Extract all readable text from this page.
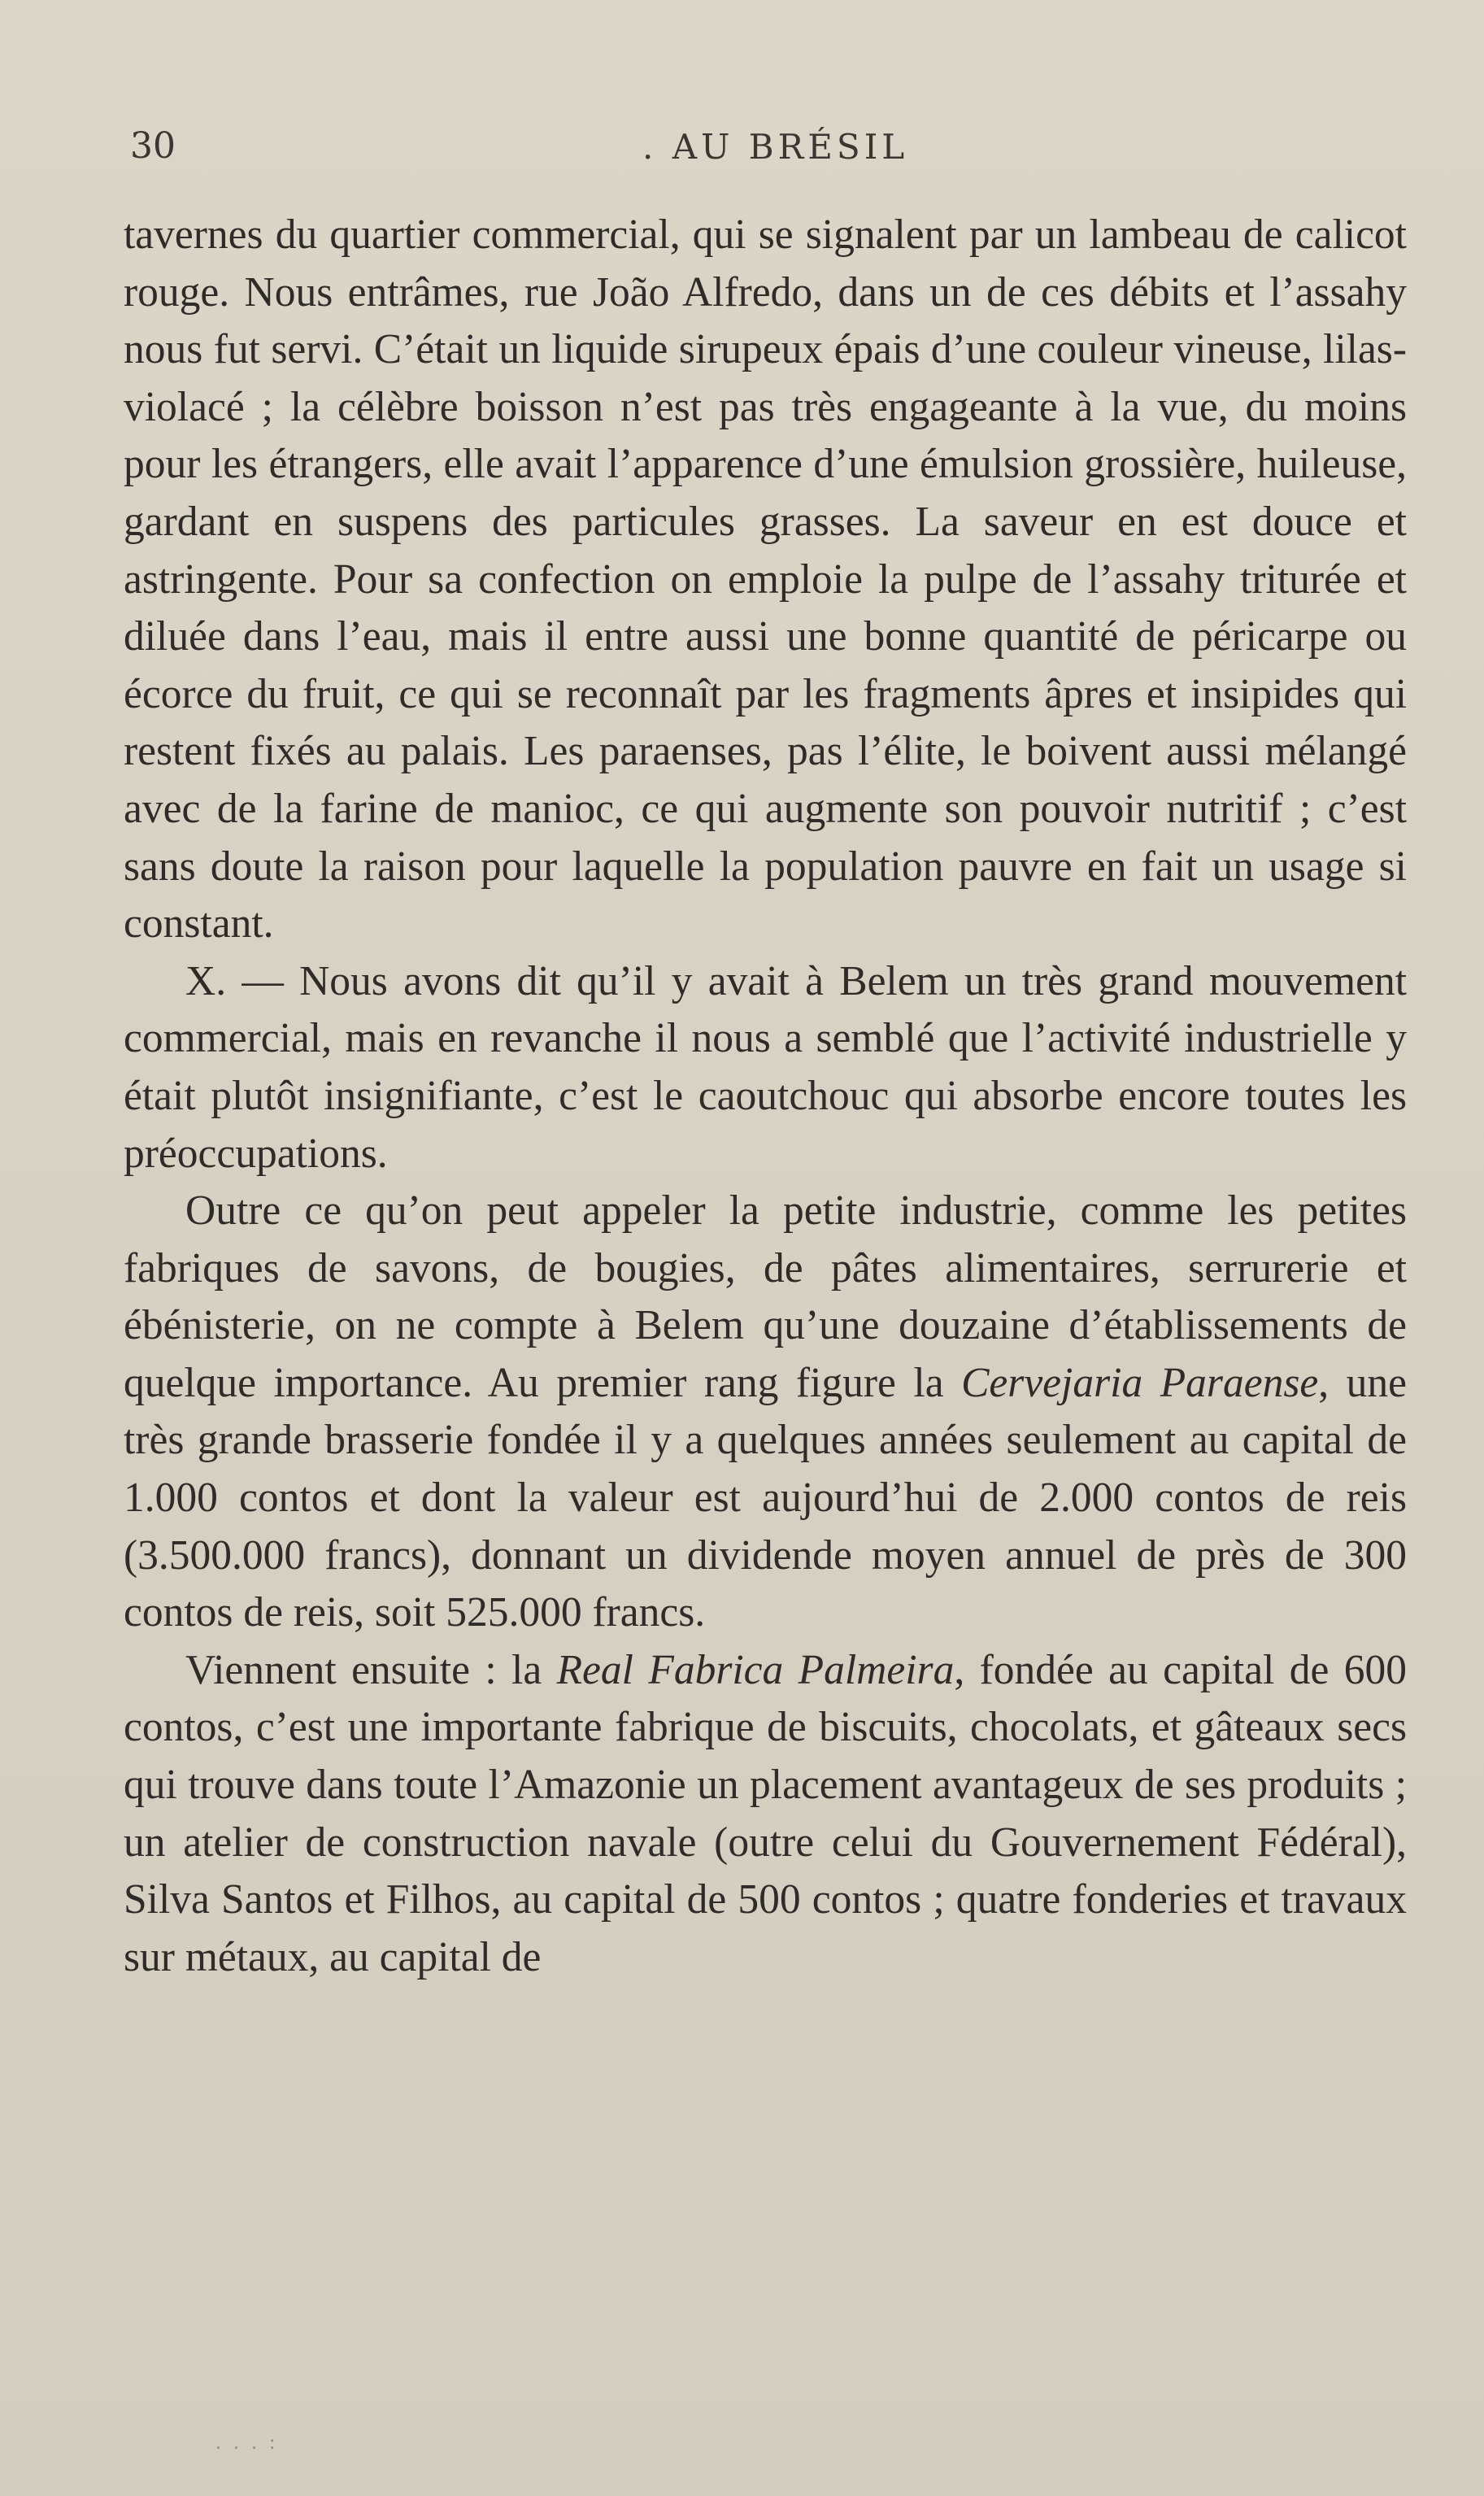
30	. AU BRÉSIL

tavernes du quartier commercial, qui se signalent par un lambeau de calicot rouge. Nous entrâmes, rue João Alfredo, dans un de ces débits et l’assahy nous fut servi. C’était un liquide sirupeux épais d’une couleur vineuse, lilas-violacé ; la célèbre boisson n’est pas très engageante à la vue, du moins pour les étrangers, elle avait l’apparence d’une émulsion grossière, huileuse, gardant en suspens des particules grasses. La saveur en est douce et astringente. Pour sa confection on emploie la pulpe de l’assahy triturée et diluée dans l’eau, mais il entre aussi une bonne quantité de péricarpe ou écorce du fruit, ce qui se reconnaît par les fragments âpres et insipides qui restent fixés au palais. Les paraenses, pas l’élite, le boivent aussi mélangé avec de la farine de manioc, ce qui augmente son pouvoir nutritif ; c’est sans doute la raison pour laquelle la population pauvre en fait un usage si constant.

X. — Nous avons dit qu’il y avait à Belem un très grand mouvement commercial, mais en revanche il nous a semblé que l’activité industrielle y était plutôt insignifiante, c’est le caoutchouc qui absorbe encore toutes les préoccupations.

Outre ce qu’on peut appeler la petite industrie, comme les petites fabriques de savons, de bougies, de pâtes alimentaires, serrurerie et ébénisterie, on ne compte à Belem qu’une douzaine d’établissements de quelque importance. Au premier rang figure la Cervejaria Paraense, une très grande brasserie fondée il y a quelques années seulement au capital de 1.000 contos et dont la valeur est aujourd’hui de 2.000 contos de reis (3.500.000 francs), donnant un dividende moyen annuel de près de 300 contos de reis, soit 525.000 francs.

Viennent ensuite : la Real Fabrica Palmeira, fondée au capital de 600 contos, c’est une importante fabrique de biscuits, chocolats, et gâteaux secs qui trouve dans toute l’Amazonie un placement avantageux de ses produits ; un atelier de construction navale (outre celui du Gouvernement Fédéral), Silva Santos et Filhos, au capital de 500 contos ; quatre fonderies et travaux sur métaux, au capital de

. . . :
